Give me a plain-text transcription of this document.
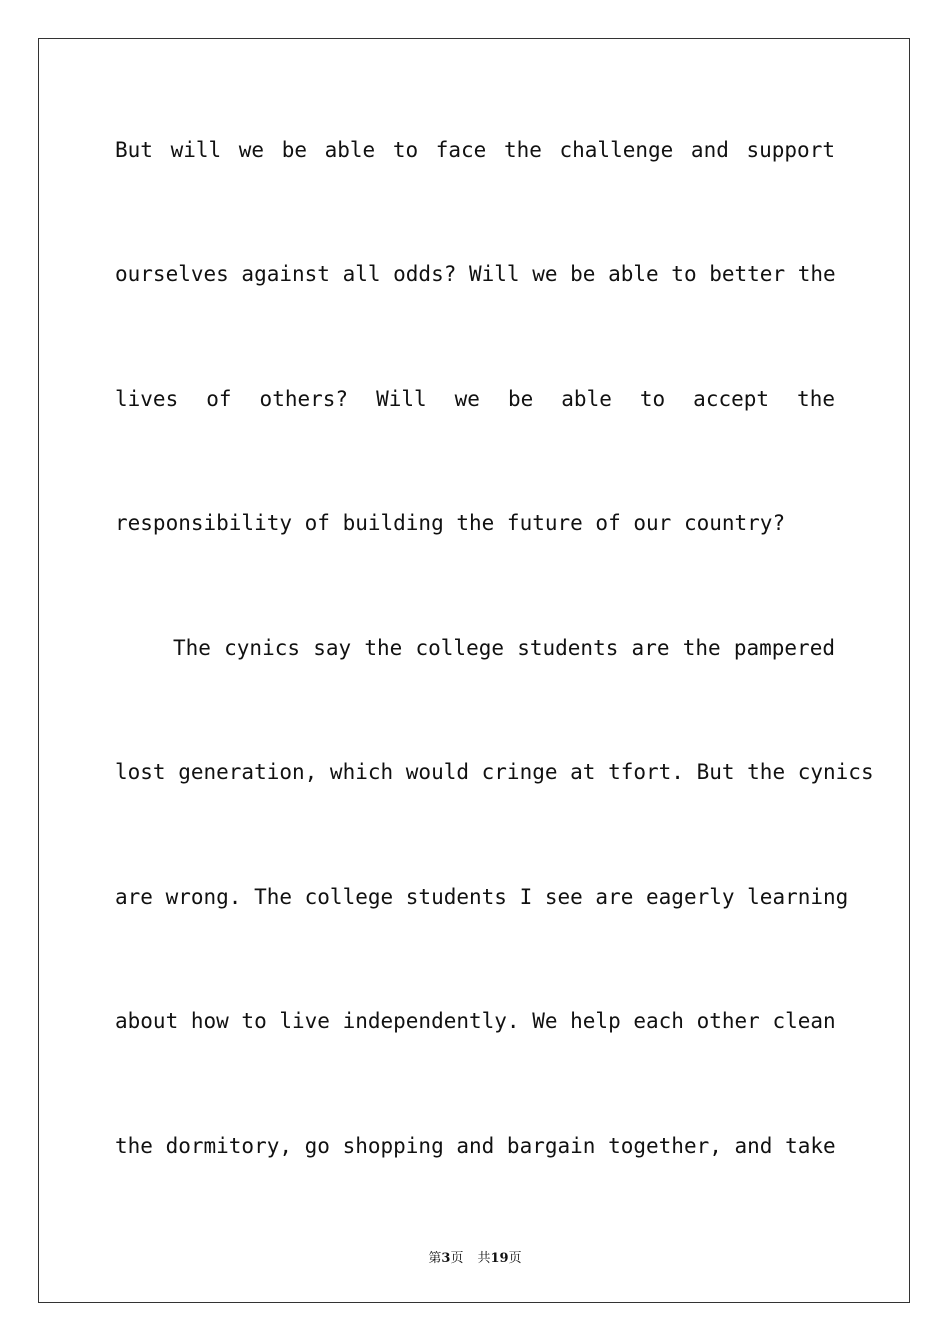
But will we be able to face the challenge and support
ourselves against all odds? Will we be able to better the
lives of others? Will we be able to accept the
responsibility of building the future of our country?
The cynics say the college students are the pampered
lost generation, which would cringe at tfort. But the cynics
are wrong. The college students I see are eagerly learning
about how to live independently. We help each other clean
the dormitory, go shopping and bargain together, and take
第3页 共19页
